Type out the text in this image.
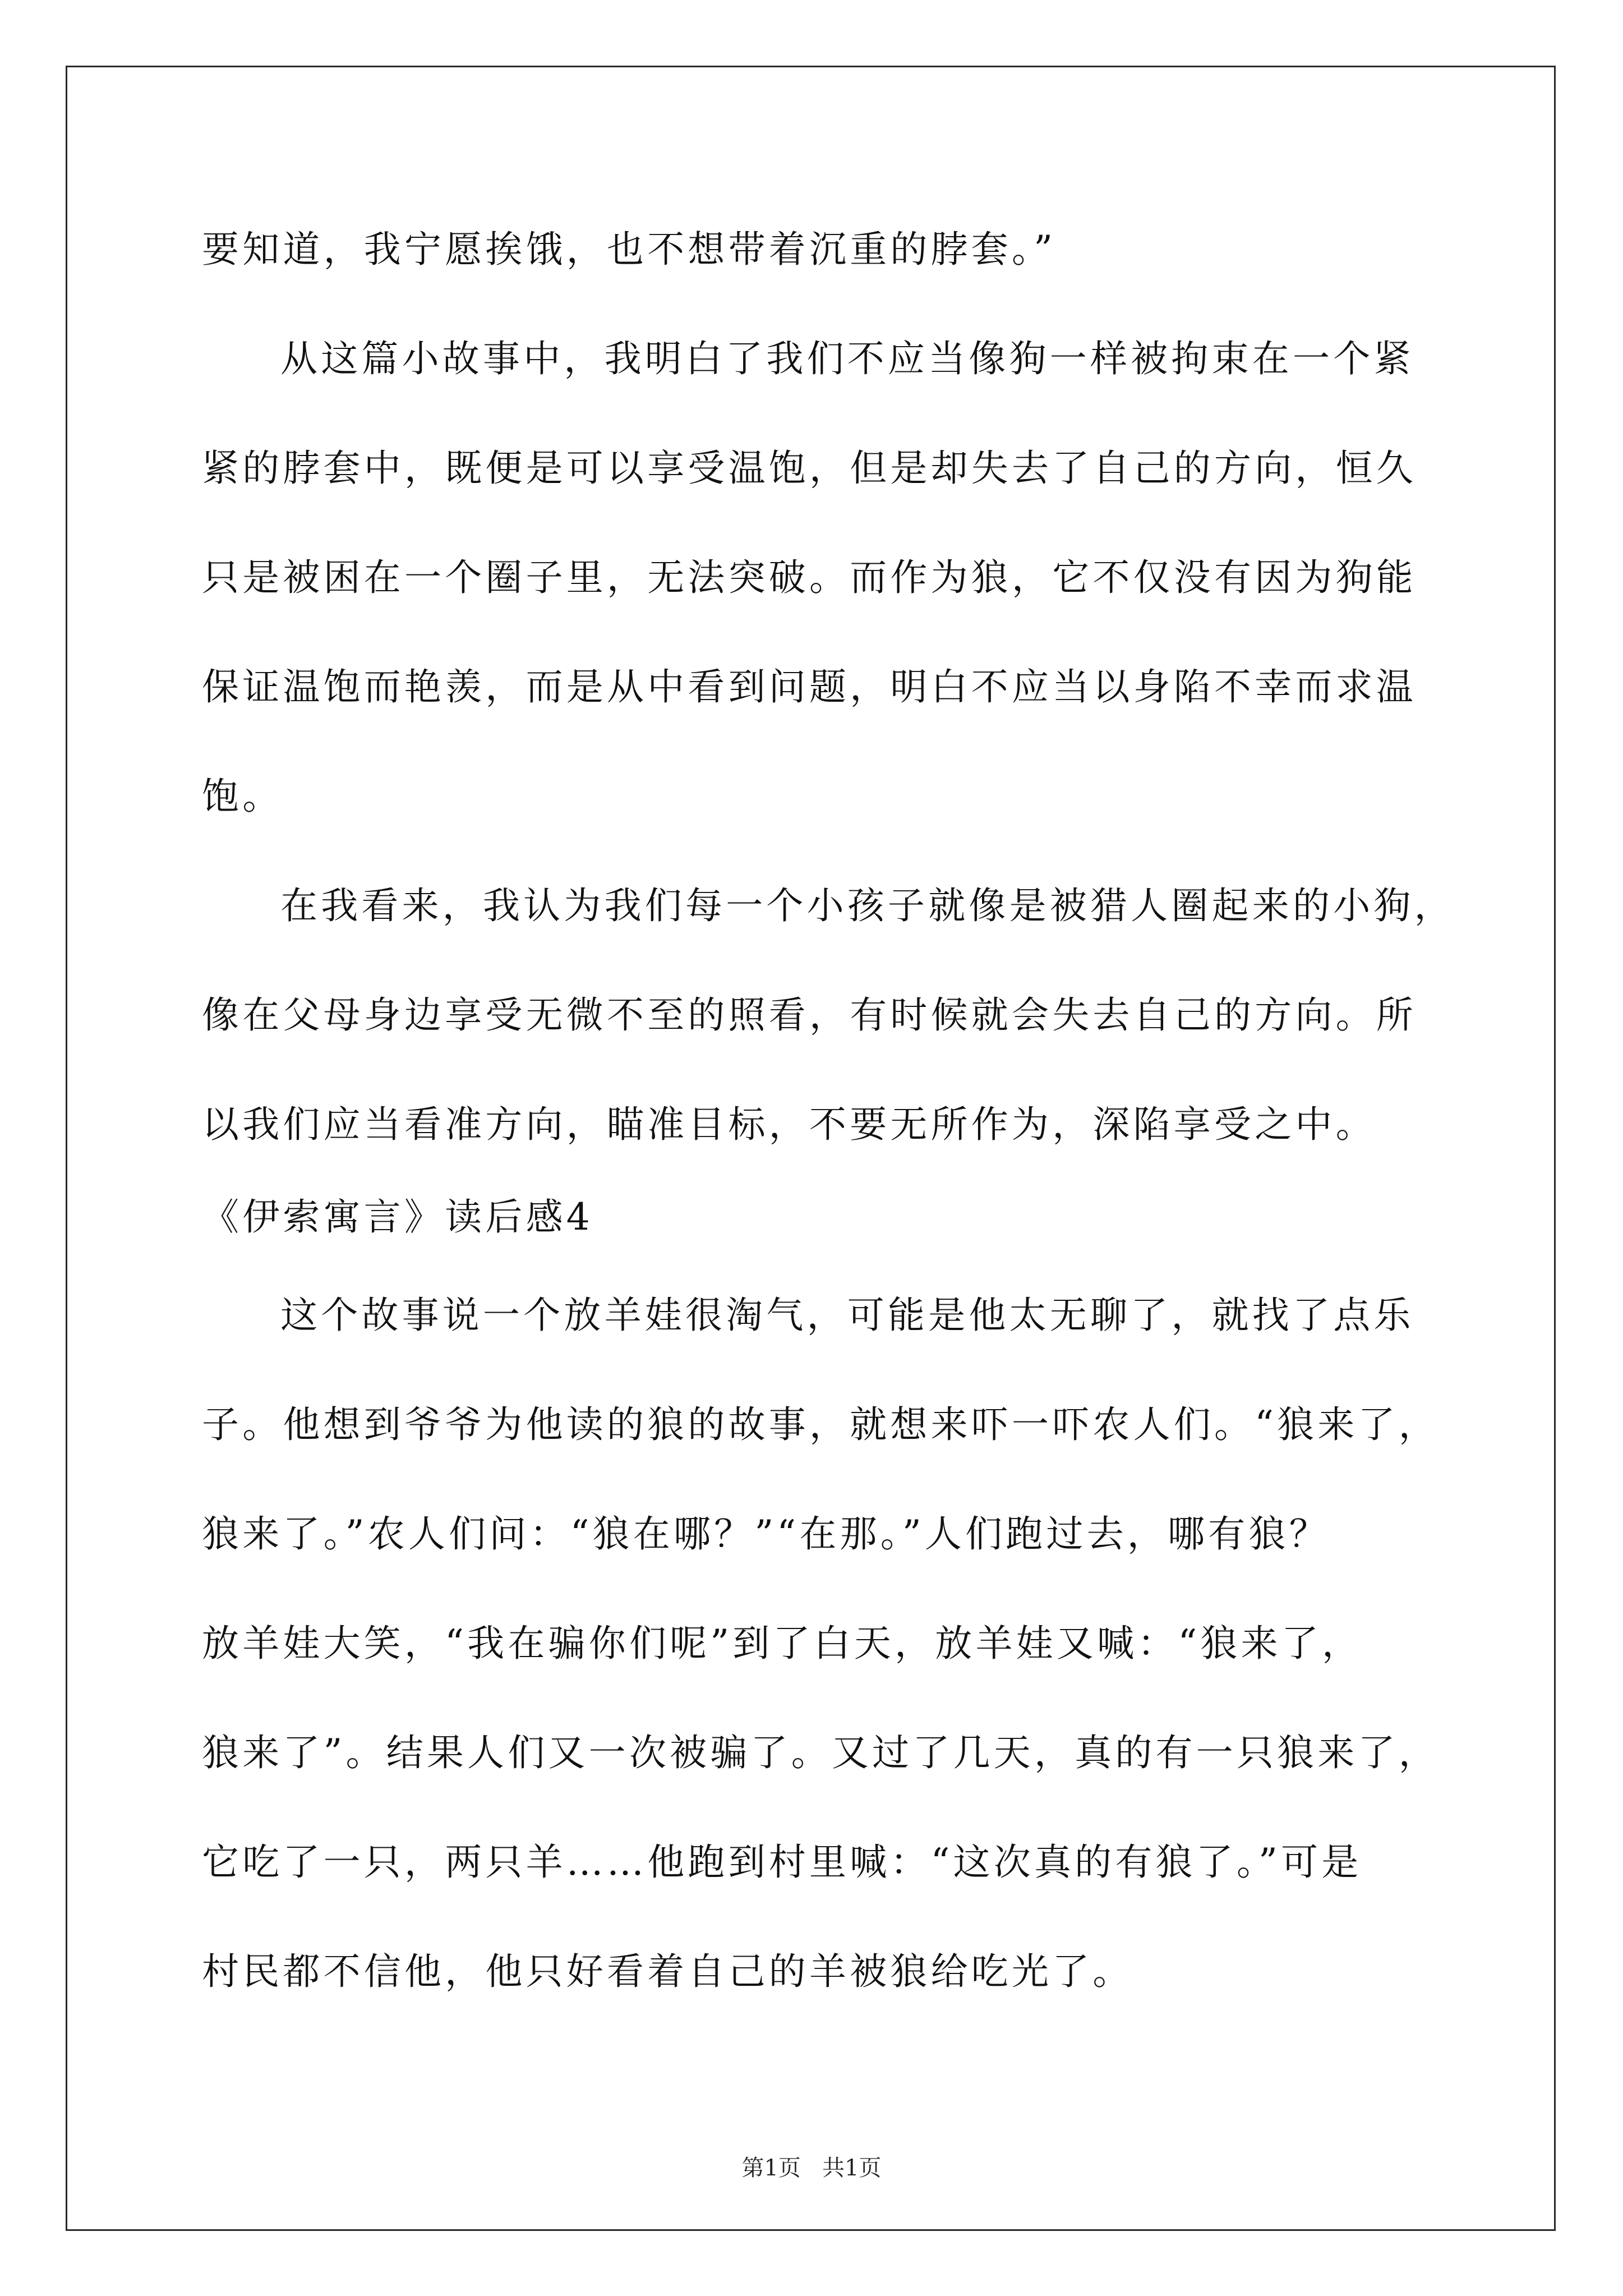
要知道，我宁愿挨饿，也不想带着沉重的脖套。”
从这篇小故事中，我明白了我们不应当像狗一样被拘束在一个紧
紧的脖套中，既便是可以享受温饱，但是却失去了自己的方向，恒久
只是被困在一个圈子里，无法突破。而作为狼，它不仅没有因为狗能
保证温饱而艳羡，而是从中看到问题，明白不应当以身陷不幸而求温
饱。
在我看来，我认为我们每一个小孩子就像是被猎人圈起来的小狗，
像在父母身边享受无微不至的照看，有时候就会失去自己的方向。所
以我们应当看准方向，瞄准目标，不要无所作为，深陷享受之中。
《伊索寓言》读后感4
这个故事说一个放羊娃很淘气，可能是他太无聊了，就找了点乐
子。他想到爷爷为他读的狼的故事，就想来吓一吓农人们。“狼来了，
狼来了。”农人们问：“狼在哪？”“在那。”人们跑过去，哪有狼？
放羊娃大笑，“我在骗你们呢”到了白天，放羊娃又喊：“狼来了，
狼来了”。结果人们又一次被骗了。又过了几天，真的有一只狼来了，
它吃了一只，两只羊……他跑到村里喊：“这次真的有狼了。”可是
村民都不信他，他只好看着自己的羊被狼给吃光了。
第1页   共1页
